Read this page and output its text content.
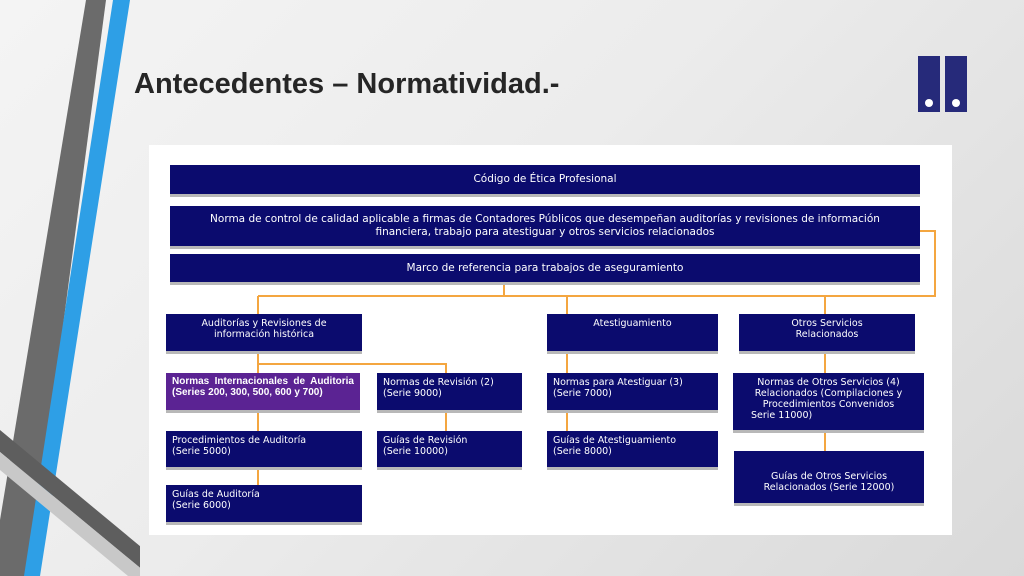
Antecedentes – Normatividad.-
Código de Ética Profesional
Norma de control de calidad aplicable a firmas de Contadores Públicos que desempeñan auditorías y revisiones de información financiera, trabajo para atestiguar y otros servicios relacionados
Marco de referencia para trabajos de aseguramiento
Auditorías y Revisiones de información histórica
Atestiguamiento	Otros Servicios Relacionados
Normas Internacionales de Auditoria (Series 200, 300, 500, 600 y 700)
Normas de Revisión (2)
(Serie 9000)
Normas para Atestiguar (3)
(Serie 7000)
Normas de Otros Servicios (4) Relacionados (Compilaciones y Procedimientos Convenidos
Serie 11000)
Procedimientos de Auditoría
(Serie 5000)
Guías de Revisión
(Serie 10000)
Guías de Atestiguamiento
(Serie 8000)
Guías de Otros Servicios
Relacionados (Serie 12000)
Guías de Auditoría
(Serie 6000)
